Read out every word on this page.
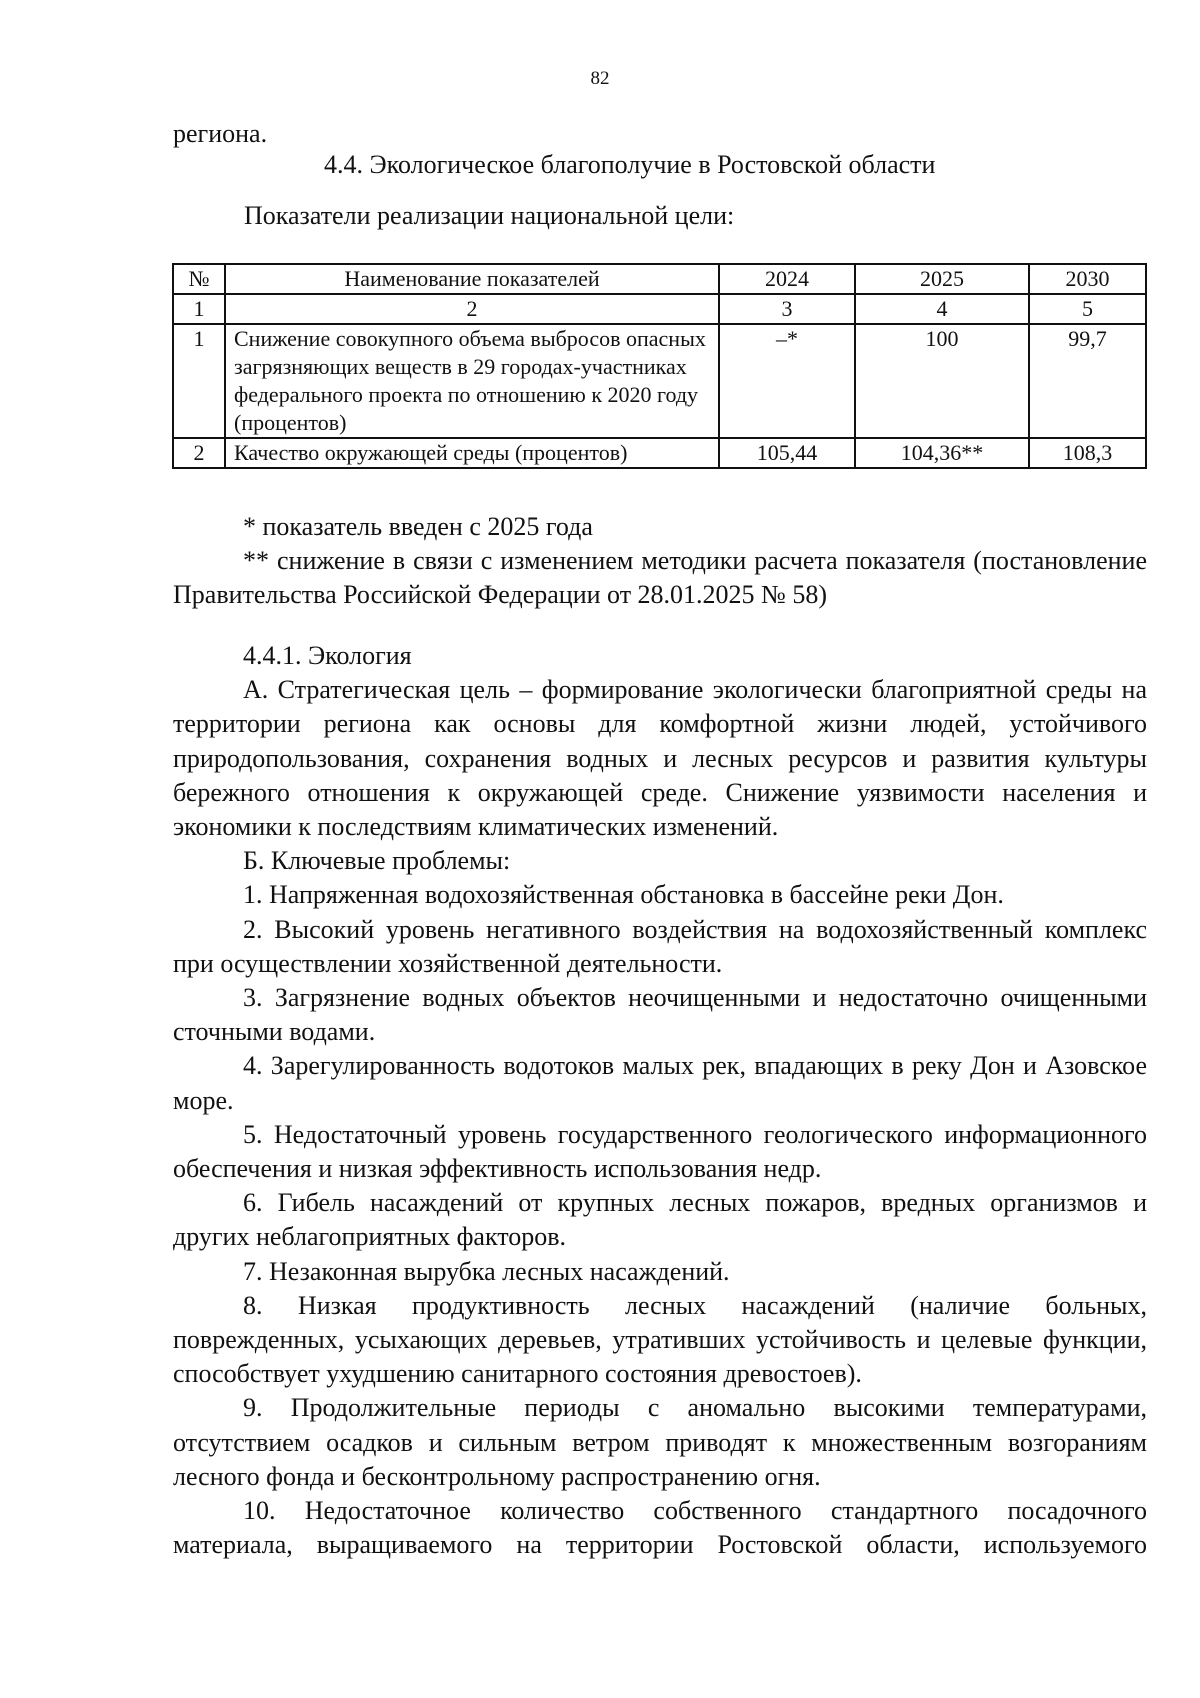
82
региона.
4.4. Экологическое благополучие в Ростовской области
Показатели реализации национальной цели:
№	Наименование показателей	2024	2025	2030
1	2	3	4	5
1	Снижение совокупного объема выбросов опасных загрязняющих веществ в 29 городах-участниках федерального проекта по отношению к 2020 году (процентов)	–*	100	99,7
2	Качество окружающей среды (процентов)	105,44	104,36**	108,3

* показатель введен с 2025 года

** снижение в связи с изменением методики расчета показателя (постановление Правительства Российской Федерации от 28.01.2025 № 58)

4.4.1. Экология

А. Стратегическая цель – формирование экологически благоприятной среды на территории региона как основы для комфортной жизни людей, устойчивого природопользования, сохранения водных и лесных ресурсов и развития культуры бережного отношения к окружающей среде. Снижение уязвимости населения и экономики к последствиям климатических изменений.

Б. Ключевые проблемы:

1. Напряженная водохозяйственная обстановка в бассейне реки Дон.

2. Высокий уровень негативного воздействия на водохозяйственный комплекс при осуществлении хозяйственной деятельности.

3. Загрязнение водных объектов неочищенными и недостаточно очищенными сточными водами.

4. Зарегулированность водотоков малых рек, впадающих в реку Дон и Азовское море.

5. Недостаточный уровень государственного геологического информационного обеспечения и низкая эффективность использования недр.

6. Гибель насаждений от крупных лесных пожаров, вредных организмов и других неблагоприятных факторов.

7. Незаконная вырубка лесных насаждений.

8. Низкая продуктивность лесных насаждений (наличие больных, поврежденных, усыхающих деревьев, утративших устойчивость и целевые функции, способствует ухудшению санитарного состояния древостоев).

9. Продолжительные периоды с аномально высокими температурами, отсутствием осадков и сильным ветром приводят к множественным возгораниям лесного фонда и бесконтрольному распространению огня.

10. Недостаточное количество собственного стандартного посадочного материала, выращиваемого на территории Ростовской области, используемого
